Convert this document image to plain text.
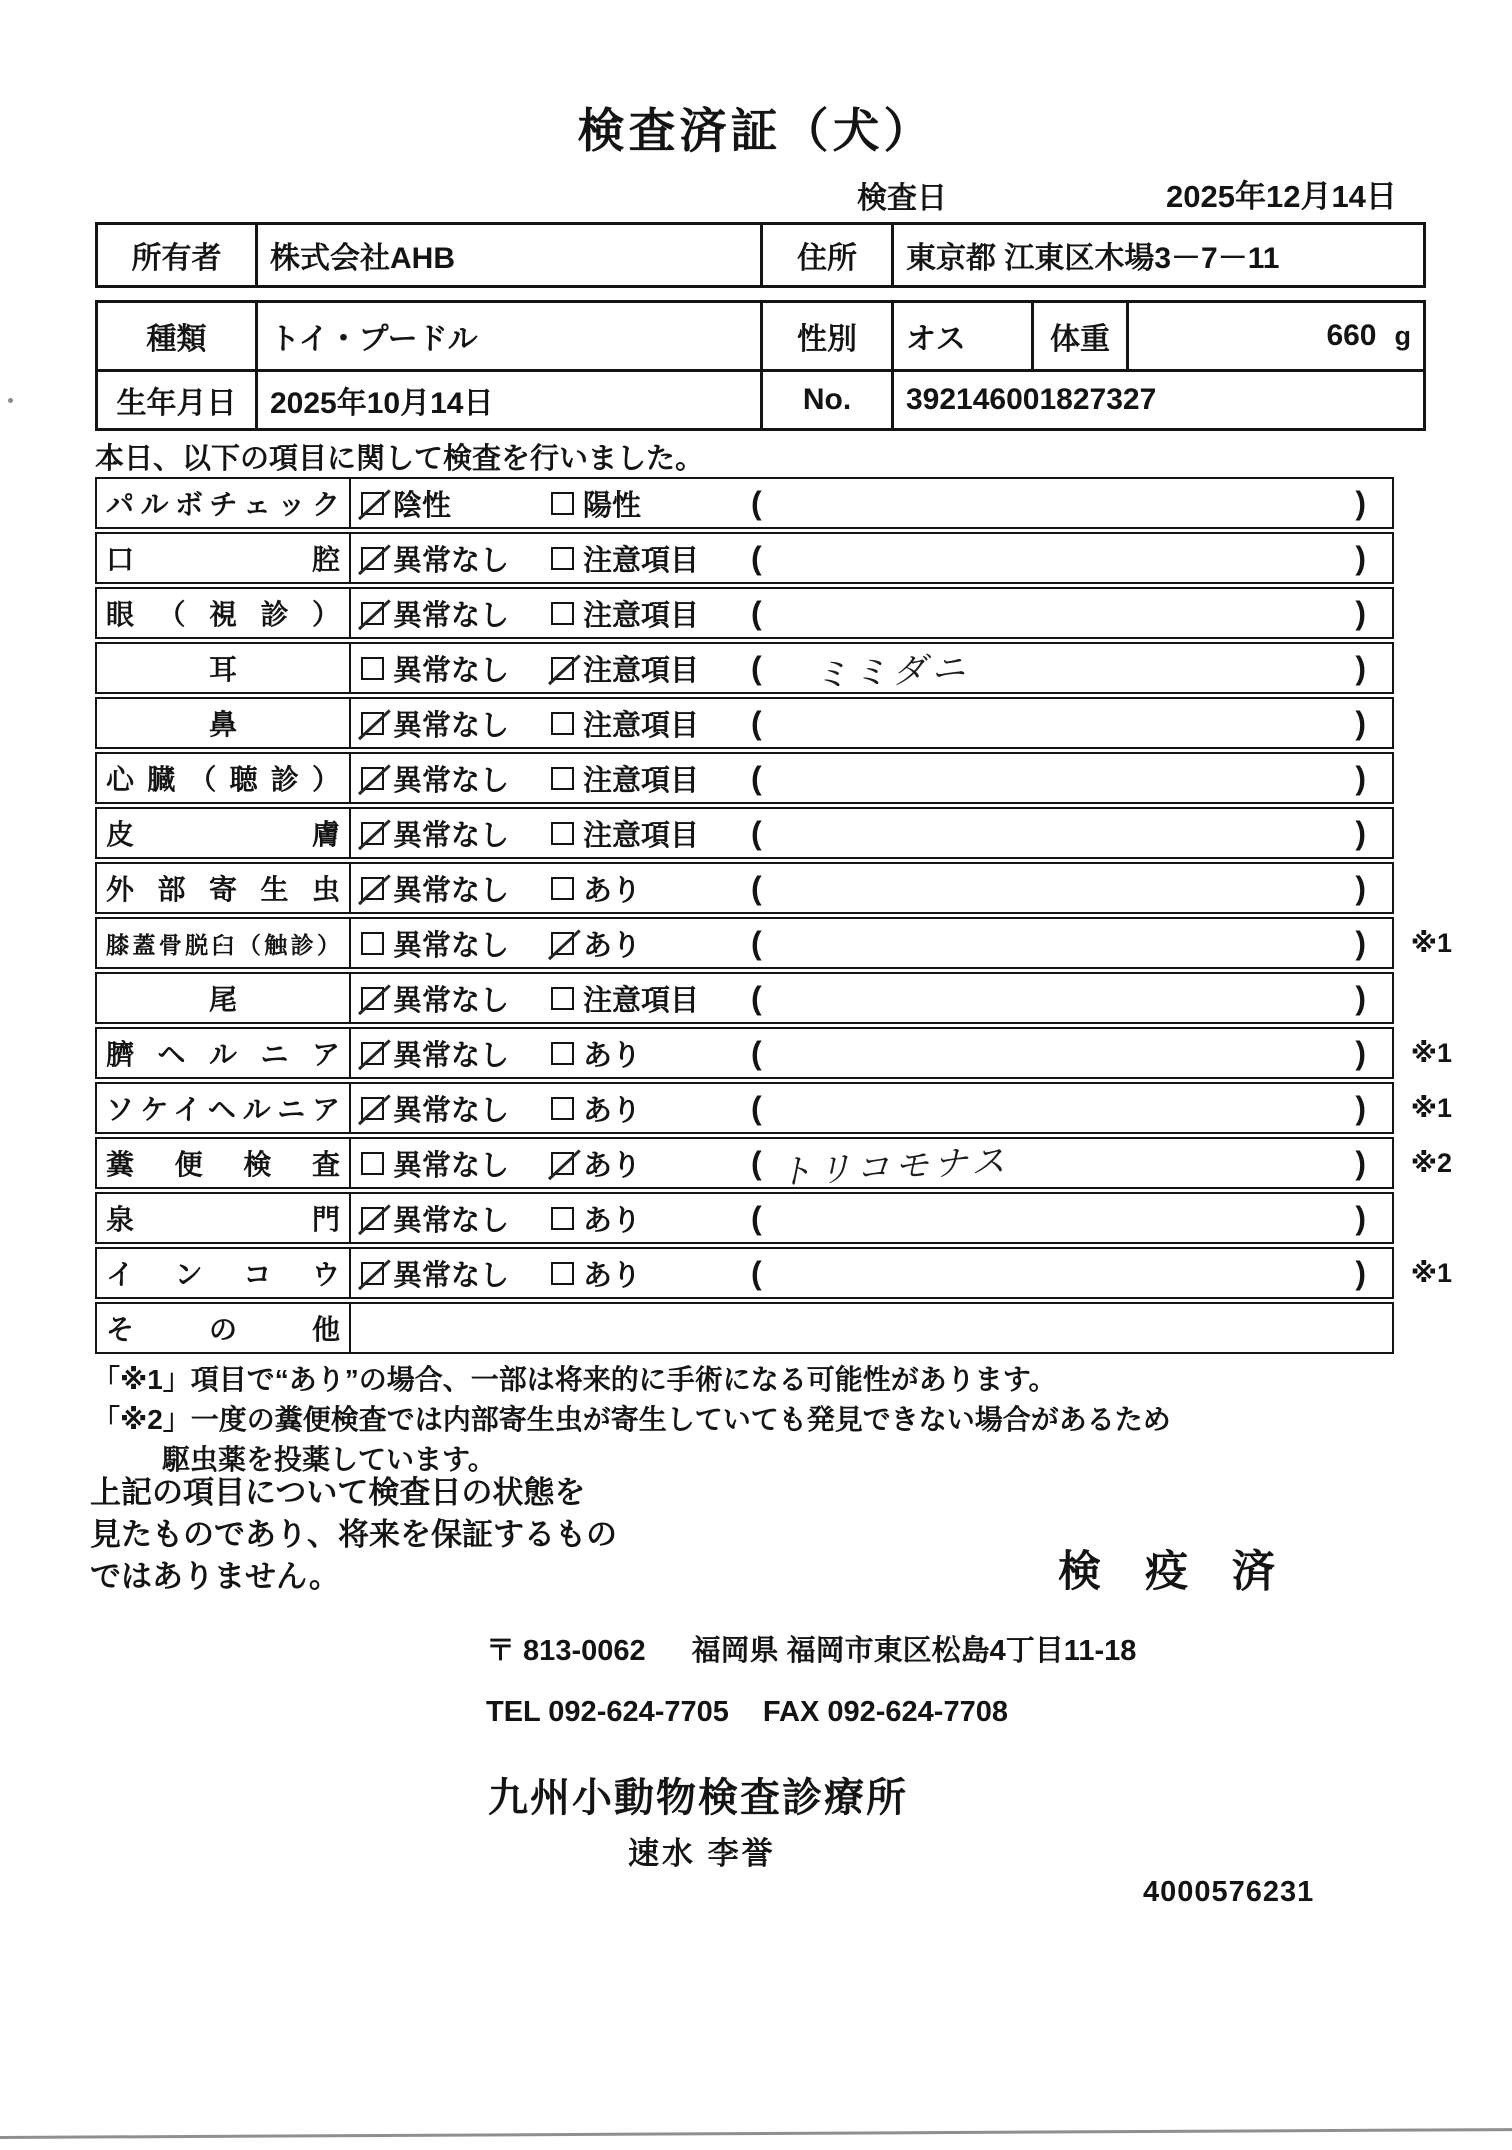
検査済証（犬）
検査日	2025年12月14日
所有者	株式会社AHB	住所	東京都 江東区木場3－7－11
種類	トイ・プードル	性別	オス	体重	660 g
生年月日	2025年10月14日	No.	392146001827327
本日、以下の項目に関して検査を行いました。
パルボチェック 陰性	陽性	(	)
口腔 異常なし	注意項目 (	)
眼（視診） 異常なし	注意項目 (	)
耳	異常なし	注意項目 ( ミミダニ	)
鼻	異常なし	注意項目 (	)
心臓（聴診） 異常なし	注意項目 (	)
皮膚 異常なし	注意項目 (	)
外部寄生虫 異常なし	あり	(	)
膝蓋骨脱臼（触診） 異常なし	あり	(	) ※1
尾	異常なし	注意項目 (	)
臍ヘルニア 異常なし	あり	(	) ※1
ソケイヘルニア 異常なし	あり	(	) ※1
糞便検査 異常なし	あり	( トリコモナス	) ※2
泉門 異常なし	あり	(	)
インコウ 異常なし	あり	(	) ※1
その他
「※1」項目で“あり”の場合、一部は将来的に手術になる可能性があります。
「※2」一度の糞便検査では内部寄生虫が寄生していても発見できない場合があるため
駆虫薬を投薬しています。
上記の項目について検査日の状態を
見たものであり、将来を保証するもの
ではありません。	検 疫 済
〒 813-0062 福岡県 福岡市東区松島4丁目11-18
TEL 092-624-7705 FAX 092-624-7708
九州小動物検査診療所
速水 李誉
4000576231
